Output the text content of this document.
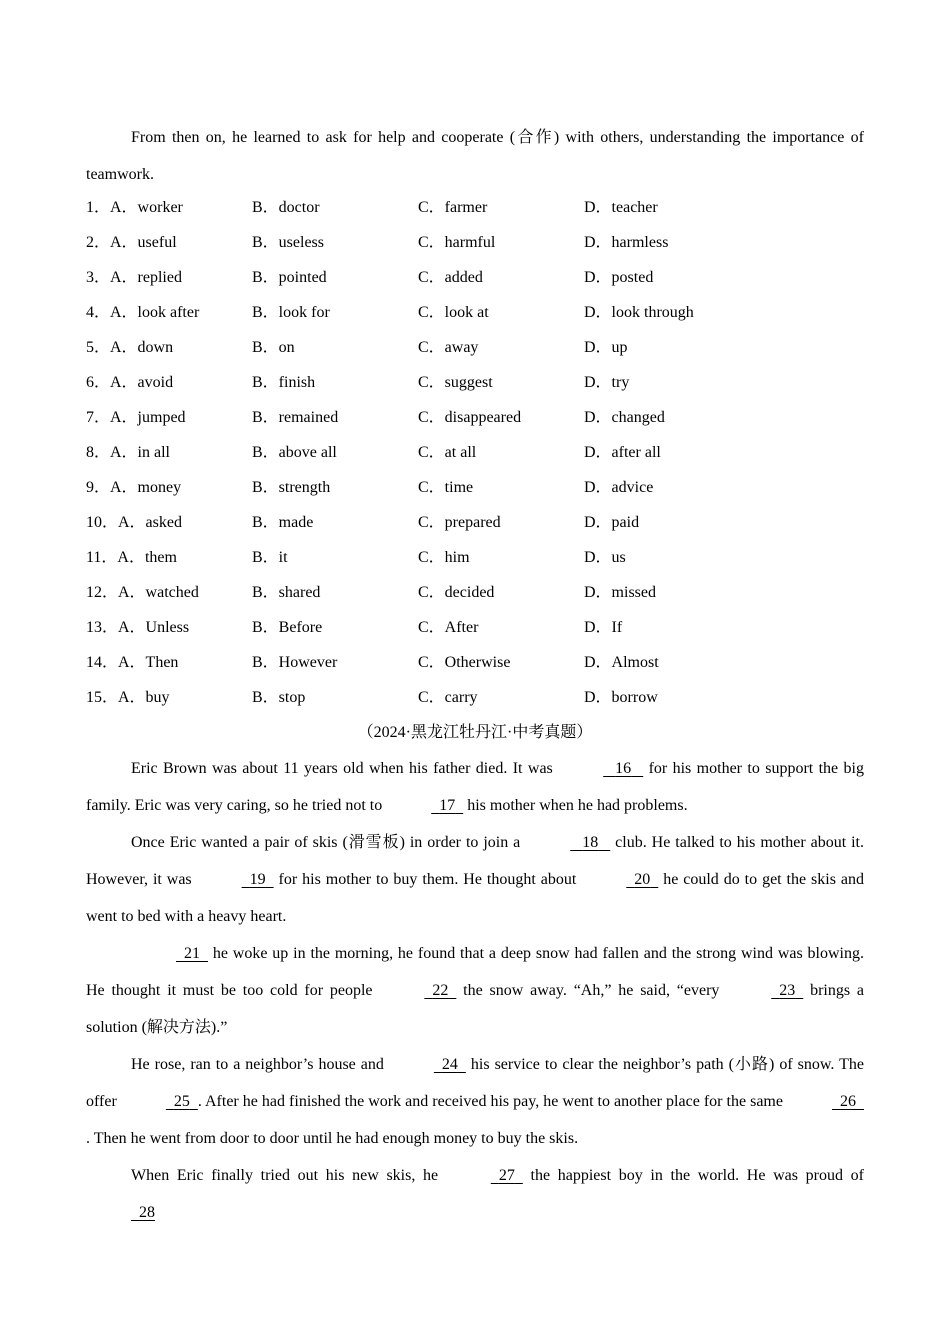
From then on, he learned to ask for help and cooperate (合作) with others, understanding the importance of teamwork.

1．A．worker	B．doctor	C．farmer	D．teacher
2．A．useful	B．useless	C．harmful	D．harmless
3．A．replied	B．pointed	C．added	D．posted
4．A．look after	B．look for	C．look at	D．look through
5．A．down	B．on	C．away	D．up
6．A．avoid	B．finish	C．suggest	D．try
7．A．jumped	B．remained	C．disappeared	D．changed
8．A．in all	B．above all	C．at all	D．after all
9．A．money	B．strength	C．time	D．advice
10．A．asked	B．made	C．prepared	D．paid
11．A．them	B．it	C．him	D．us
12．A．watched	B．shared	C．decided	D．missed
13．A．Unless	B．Before	C．After	D．If
14．A．Then	B．However	C．Otherwise	D．Almost
15．A．buy	B．stop	C．carry	D．borrow
（2024·黑龙江牡丹江·中考真题）

Eric Brown was about 11 years old when his father died. It was	16    for his mother to support the big family. Eric was very caring, so he tried not to	17   his mother when he had problems.

Once Eric wanted a pair of skis (滑雪板) in order to join a	18    club. He talked to his mother about it. However, it was	19   for his mother to buy them. He thought about	20   he could do to get the skis and went to bed with a heavy heart.

21   he woke up in the morning, he found that a deep snow had fallen and the strong wind was blowing. He thought it must be too cold for people	22   the snow away. “Ah,” he said, “every	23   brings a solution (解决方法).”

He rose, ran to a neighbor’s house and	24   his service to clear the neighbor’s path (小路) of snow. The offer	25 . After he had finished the work and received his pay, he went to another place for the same	26  . Then he went from door to door until he had enough money to buy the skis.

When Eric finally tried out his new skis, he	27   the happiest boy in the world. He was proud of   28
